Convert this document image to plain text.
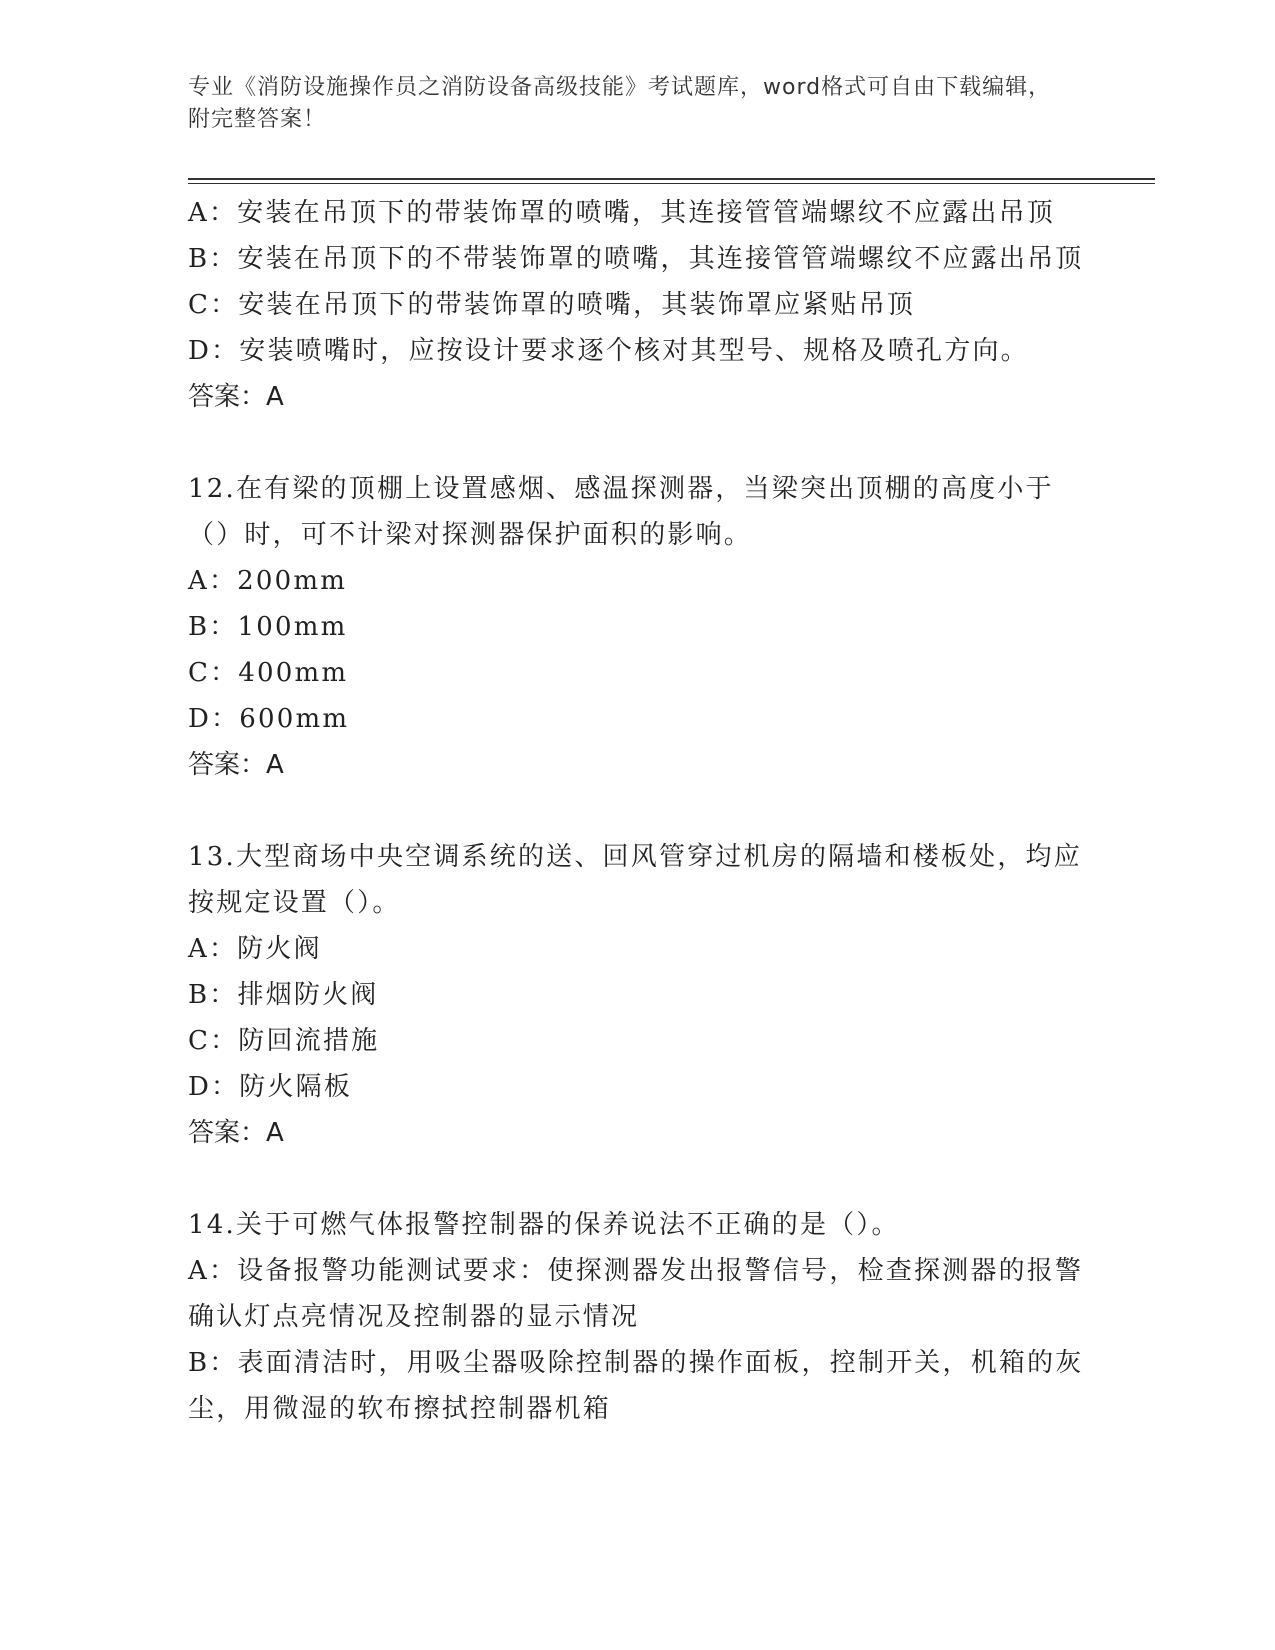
专业《消防设施操作员之消防设备高级技能》考试题库，word格式可自由下载编辑，附完整答案！

A：安装在吊顶下的带装饰罩的喷嘴，其连接管管端螺纹不应露出吊顶

B：安装在吊顶下的不带装饰罩的喷嘴，其连接管管端螺纹不应露出吊顶

C：安装在吊顶下的带装饰罩的喷嘴，其装饰罩应紧贴吊顶

D：安装喷嘴时，应按设计要求逐个核对其型号、规格及喷孔方向。

答案：A

12.在有梁的顶棚上设置感烟、感温探测器，当梁突出顶棚的高度小于（）时，可不计梁对探测器保护面积的影响。

A：200mm

B：100mm

C：400mm

D：600mm

答案：A

13.大型商场中央空调系统的送、回风管穿过机房的隔墙和楼板处，均应按规定设置（）。

A：防火阀

B：排烟防火阀

C：防回流措施

D：防火隔板

答案：A

14.关于可燃气体报警控制器的保养说法不正确的是（）。

A：设备报警功能测试要求：使探测器发出报警信号，检查探测器的报警确认灯点亮情况及控制器的显示情况

B：表面清洁时，用吸尘器吸除控制器的操作面板，控制开关，机箱的灰尘，用微湿的软布擦拭控制器机箱
